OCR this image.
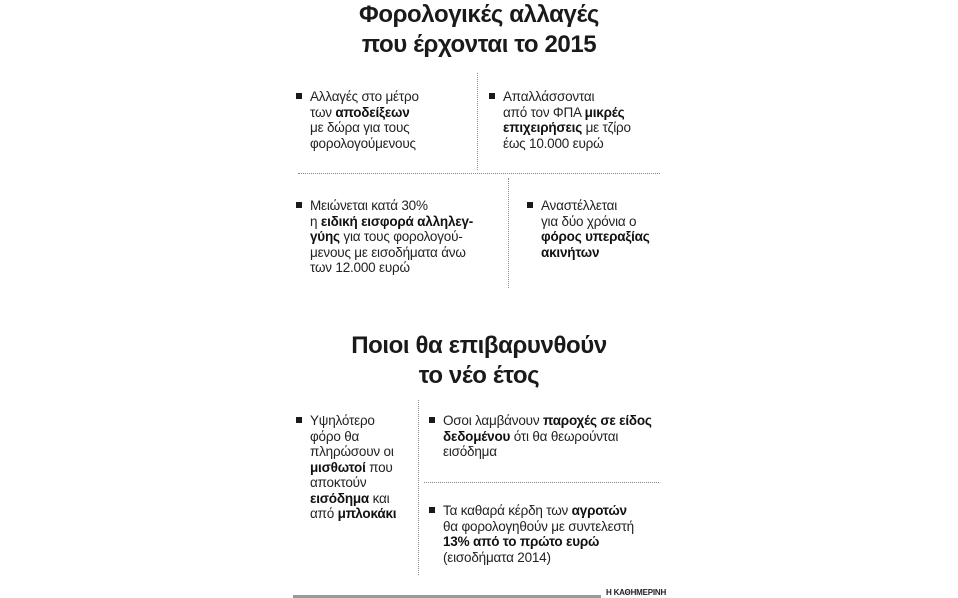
Φορολογικές αλλαγές
που έρχονται το 2015
Αλλαγές στο μέτρο
των αποδείξεων
με δώρα για τους
φορολογούμενους
Απαλλάσσονται
από τον ΦΠΑ μικρές
επιχειρήσεις με τζίρο
έως 10.000 ευρώ
Μειώνεται κατά 30%
η ειδική εισφορά αλληλεγ-
γύης για τους φορολογού-
μενους με εισοδήματα άνω
των 12.000 ευρώ
Αναστέλλεται
για δύο χρόνια ο
φόρος υπεραξίας
ακινήτων
Ποιοι θα επιβαρυνθούν
το νέο έτος
Υψηλότερο
φόρο θα
πληρώσουν οι
μισθωτοί που
αποκτούν
εισόδημα και
από μπλοκάκι
Οσοι λαμβάνουν παροχές σε είδος
δεδομένου ότι θα θεωρούνται
εισόδημα
Τα καθαρά κέρδη των αγροτών
θα φορολογηθούν με συντελεστή
13% από το πρώτο ευρώ
(εισοδήματα 2014)
Η ΚΑΘΗΜΕΡΙΝΗ
